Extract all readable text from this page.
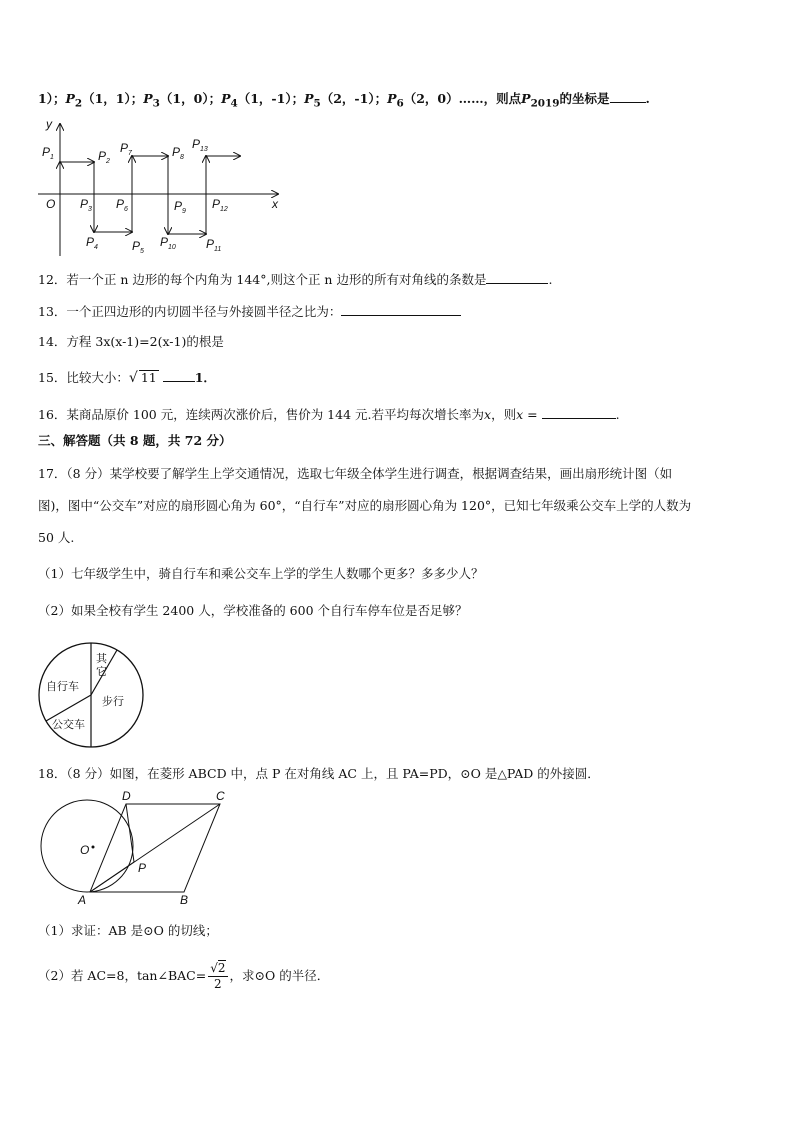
1）；$P_2(1$，1）；$P_3(1$，0）；$P_4(1$，-1）；$P_5(2$，-1）；$P_6(2$，0）……，则点$P_{2019}$的坐标是	.
y
x
O
$P_1$	$P_2$
$P_3$
$P_4$	$P_5$
$P_6$
$P_7$	$P_8$
$P_9$
$P_{10}$	$P_{11}$
$P_{12}$
$P_{13}$
12．若一个正 n 边形的每个内角为 144°,则这个正 n 边形的所有对角线的条数是	.
13．一个正四边形的内切圆半径与外接圆半径之比为：
14．方程 3x(x-1)=2(x-1)的根是
15．比较大小：√ 11	1．
16．某商品原价 100 元，连续两次涨价后，售价为 144 元.若平均每次增长率为x，则x =	.
三、解答题（共 8 题，共 72 分）
17．（8 分）某学校要了解学生上学交通情况，选取七年级全体学生进行调查，根据调查结果，画出扇形统计图（如
图)，图中“公交车”对应的扇形圆心角为 60°，“自行车”对应的扇形圆心角为 120°，已知七年级乘公交车上学的人数为
50 人.
（1）七年级学生中，骑自行车和乘公交车上学的学生人数哪个更多？多多少人？
（2）如果全校有学生 2400 人，学校准备的 600 个自行车停车位是否足够？
其
它
自行车
步行
公交车
18．（8 分）如图，在菱形 ABCD 中，点 P 在对角线 AC 上，且 PA=PD，⊙O 是△PAD 的外接圆．
D	C
O
P
A	B
（1）求证：AB 是⊙O 的切线；
（2）若 AC=8，tan∠BAC= $\frac{√2}{2}$ ，求⊙O 的半径．
